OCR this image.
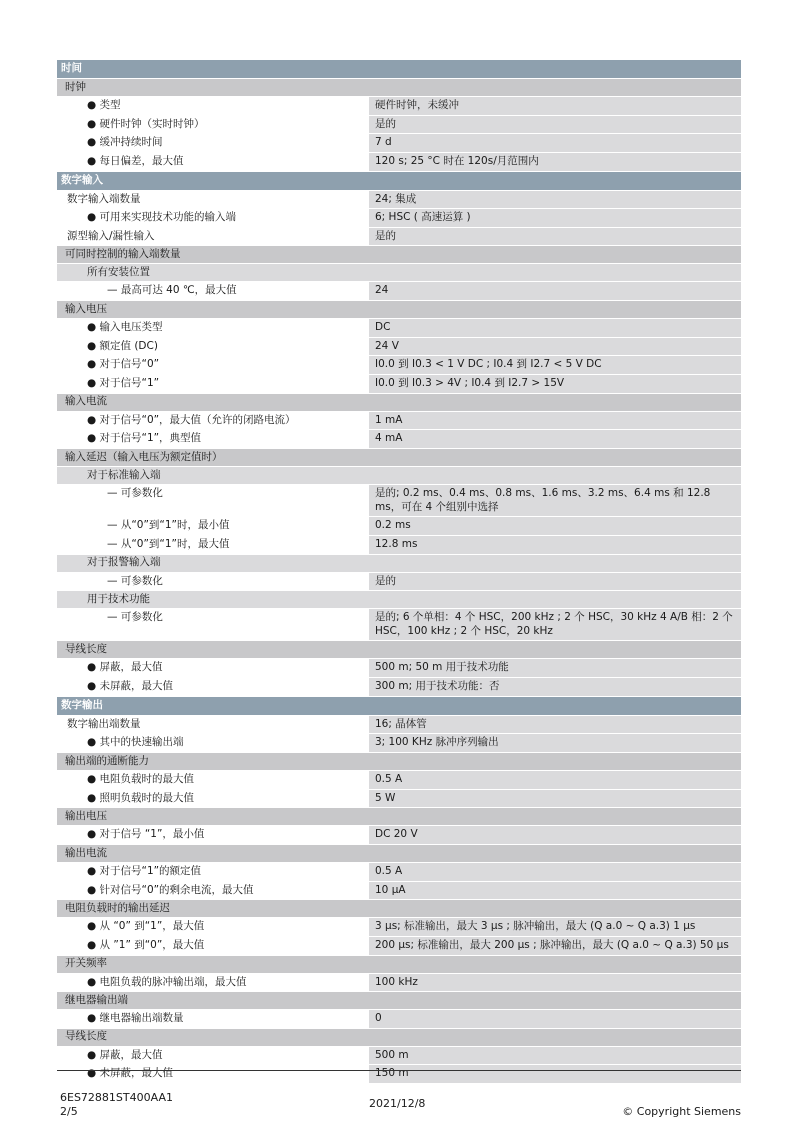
时间
时钟
● 类型	硬件时钟，未缓冲
● 硬件时钟（实时时钟）	是的
● 缓冲持续时间	7 d
● 每日偏差，最大值	120 s; 25 °C 时在 120s/月范围内
数字输入
数字输入端数量	24; 集成
● 可用来实现技术功能的输入端	6; HSC ( 高速运算 )
源型输入/漏性输入	是的
可同时控制的输入端数量
所有安装位置
— 最高可达 40 ℃，最大值	24
输入电压
● 输入电压类型	DC
● 额定值 (DC)	24 V
● 对于信号“0”	I0.0 到 I0.3 < 1 V DC ; I0.4 到 I2.7 < 5 V DC
● 对于信号“1”	I0.0 到 I0.3 > 4V ; I0.4 到 I2.7 > 15V
输入电流
● 对于信号“0”，最大值（允许的闭路电流）	1 mA
● 对于信号“1”，典型值	4 mA
输入延迟（输入电压为额定值时）
对于标准输入端
— 可参数化	是的; 0.2 ms、0.4 ms、0.8 ms、1.6 ms、3.2 ms、6.4 ms 和 12.8 ms，可在 4 个组别中选择
— 从“0”到“1”时，最小值	0.2 ms
— 从“0”到“1”时，最大值	12.8 ms
对于报警输入端
— 可参数化	是的
用于技术功能
— 可参数化	是的; 6 个单相：4 个 HSC，200 kHz ; 2 个 HSC，30 kHz 4 A/B 相：2 个 HSC，100 kHz ; 2 个 HSC，20 kHz
导线长度
● 屏蔽，最大值	500 m; 50 m 用于技术功能
● 未屏蔽，最大值	300 m; 用于技术功能：否
数字输出
数字输出端数量	16; 晶体管
● 其中的快速输出端	3; 100 KHz 脉冲序列输出
输出端的通断能力
● 电阻负载时的最大值	0.5 A
● 照明负载时的最大值	5 W
输出电压
● 对于信号 “1”，最小值	DC 20 V
输出电流
● 对于信号“1”的额定值	0.5 A
● 针对信号“0”的剩余电流，最大值	10 μA
电阻负载时的输出延迟
● 从 “0” 到“1”，最大值	3 μs; 标准输出，最大 3 μs ; 脉冲输出，最大 (Q a.0 ~ Q a.3) 1 μs
● 从 ”1” 到“0”，最大值	200 μs; 标准输出，最大 200 μs ; 脉冲输出，最大 (Q a.0 ~ Q a.3) 50 μs
开关频率
● 电阻负载的脉冲输出端，最大值	100 kHz
继电器输出端
● 继电器输出端数量	0
导线长度
● 屏蔽，最大值	500 m
● 未屏蔽，最大值	150 m
6ES72881ST400AA1
2/5
2021/12/8
© Copyright Siemens
